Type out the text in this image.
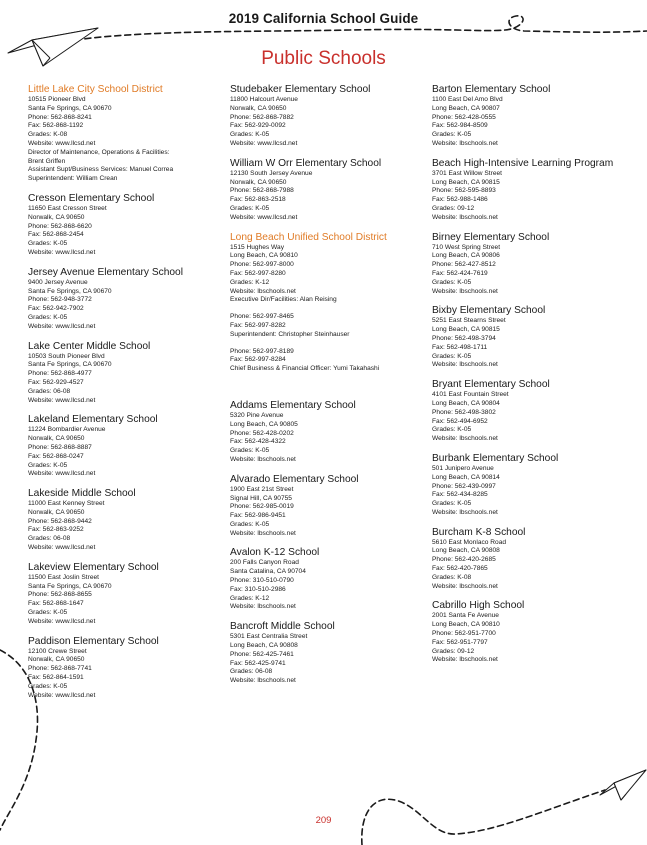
2019 California School Guide
Public Schools
Little Lake City School District
10515 Pioneer Blvd
Santa Fe Springs, CA 90670
Phone: 562-868-8241
Fax: 562-868-1192
Grades: K-08
Website: www.llcsd.net
Director of Maintenance, Operations & Facilities:
Brent Griffen
Assistant Supt/Business Services: Manuel Correa
Superintendent: William Crean
Cresson Elementary School
11650 East Cresson Street
Norwalk, CA 90650
Phone: 562-868-6620
Fax: 562-868-2454
Grades: K-05
Website: www.llcsd.net
Jersey Avenue Elementary School
9400 Jersey Avenue
Santa Fe Springs, CA 90670
Phone: 562-948-3772
Fax: 562-942-7902
Grades: K-05
Website: www.llcsd.net
Lake Center Middle School
10503 South Pioneer Blvd
Santa Fe Springs, CA 90670
Phone: 562-868-4977
Fax: 562-929-4527
Grades: 06-08
Website: www.llcsd.net
Lakeland Elementary School
11224 Bombardier Avenue
Norwalk, CA 90650
Phone: 562-868-8887
Fax: 562-868-0247
Grades: K-05
Website: www.llcsd.net
Lakeside Middle School
11000 East Kenney Street
Norwalk, CA 90650
Phone: 562-868-9442
Fax: 562-863-9252
Grades: 06-08
Website: www.llcsd.net
Lakeview Elementary School
11500 East Joslin Street
Santa Fe Springs, CA 90670
Phone: 562-868-8655
Fax: 562-868-1647
Grades: K-05
Website: www.llcsd.net
Paddison Elementary School
12100 Crewe Street
Norwalk, CA 90650
Phone: 562-868-7741
Fax: 562-864-1591
Grades: K-05
Website: www.llcsd.net
Studebaker Elementary School
11800 Halcourt Avenue
Norwalk, CA 90650
Phone: 562-868-7882
Fax: 562-929-0092
Grades: K-05
Website: www.llcsd.net
William W Orr Elementary School
12130 South Jersey Avenue
Norwalk, CA 90650
Phone: 562-868-7988
Fax: 562-863-2518
Grades: K-05
Website: www.llcsd.net
Long Beach Unified School District
1515 Hughes Way
Long Beach, CA 90810
Phone: 562-997-8000
Fax: 562-997-8280
Grades: K-12
Website: lbschools.net
Executive Dir/Facilities: Alan Reising
Phone: 562-997-8465
Fax: 562-997-8282
Superintendent: Christopher Steinhauser
Phone: 562-997-8189
Fax: 562-997-8284
Chief Business & Financial Officer: Yumi Takahashi
Addams Elementary School
5320 Pine Avenue
Long Beach, CA 90805
Phone: 562-428-0202
Fax: 562-428-4322
Grades: K-05
Website: lbschools.net
Alvarado Elementary School
1900 East 21st Street
Signal Hill, CA 90755
Phone: 562-985-0019
Fax: 562-986-9451
Grades: K-05
Website: lbschools.net
Avalon K-12 School
200 Falls Canyon Road
Santa Catalina, CA 90704
Phone: 310-510-0790
Fax: 310-510-2986
Grades: K-12
Website: lbschools.net
Bancroft Middle School
5301 East Centralia Street
Long Beach, CA 90808
Phone: 562-425-7461
Fax: 562-425-9741
Grades: 06-08
Website: lbschools.net
Barton Elementary School
1100 East Del Amo Blvd
Long Beach, CA 90807
Phone: 562-428-0555
Fax: 562-984-8509
Grades: K-05
Website: lbschools.net
Beach High-Intensive Learning Program
3701 East Willow Street
Long Beach, CA 90815
Phone: 562-595-8893
Fax: 562-988-1486
Grades: 09-12
Website: lbschools.net
Birney Elementary School
710 West Spring Street
Long Beach, CA 90806
Phone: 562-427-8512
Fax: 562-424-7619
Grades: K-05
Website: lbschools.net
Bixby Elementary School
5251 East Stearns Street
Long Beach, CA 90815
Phone: 562-498-3794
Fax: 562-498-1711
Grades: K-05
Website: lbschools.net
Bryant Elementary School
4101 East Fountain Street
Long Beach, CA 90804
Phone: 562-498-3802
Fax: 562-494-6952
Grades: K-05
Website: lbschools.net
Burbank Elementary School
501 Junipero Avenue
Long Beach, CA 90814
Phone: 562-439-0997
Fax: 562-434-8285
Grades: K-05
Website: lbschools.net
Burcham K-8 School
5610 East Monlaco Road
Long Beach, CA 90808
Phone: 562-420-2685
Fax: 562-420-7865
Grades: K-08
Website: lbschools.net
Cabrillo High School
2001 Santa Fe Avenue
Long Beach, CA 90810
Phone: 562-951-7700
Fax: 562-951-7797
Grades: 09-12
Website: lbschools.net
209
